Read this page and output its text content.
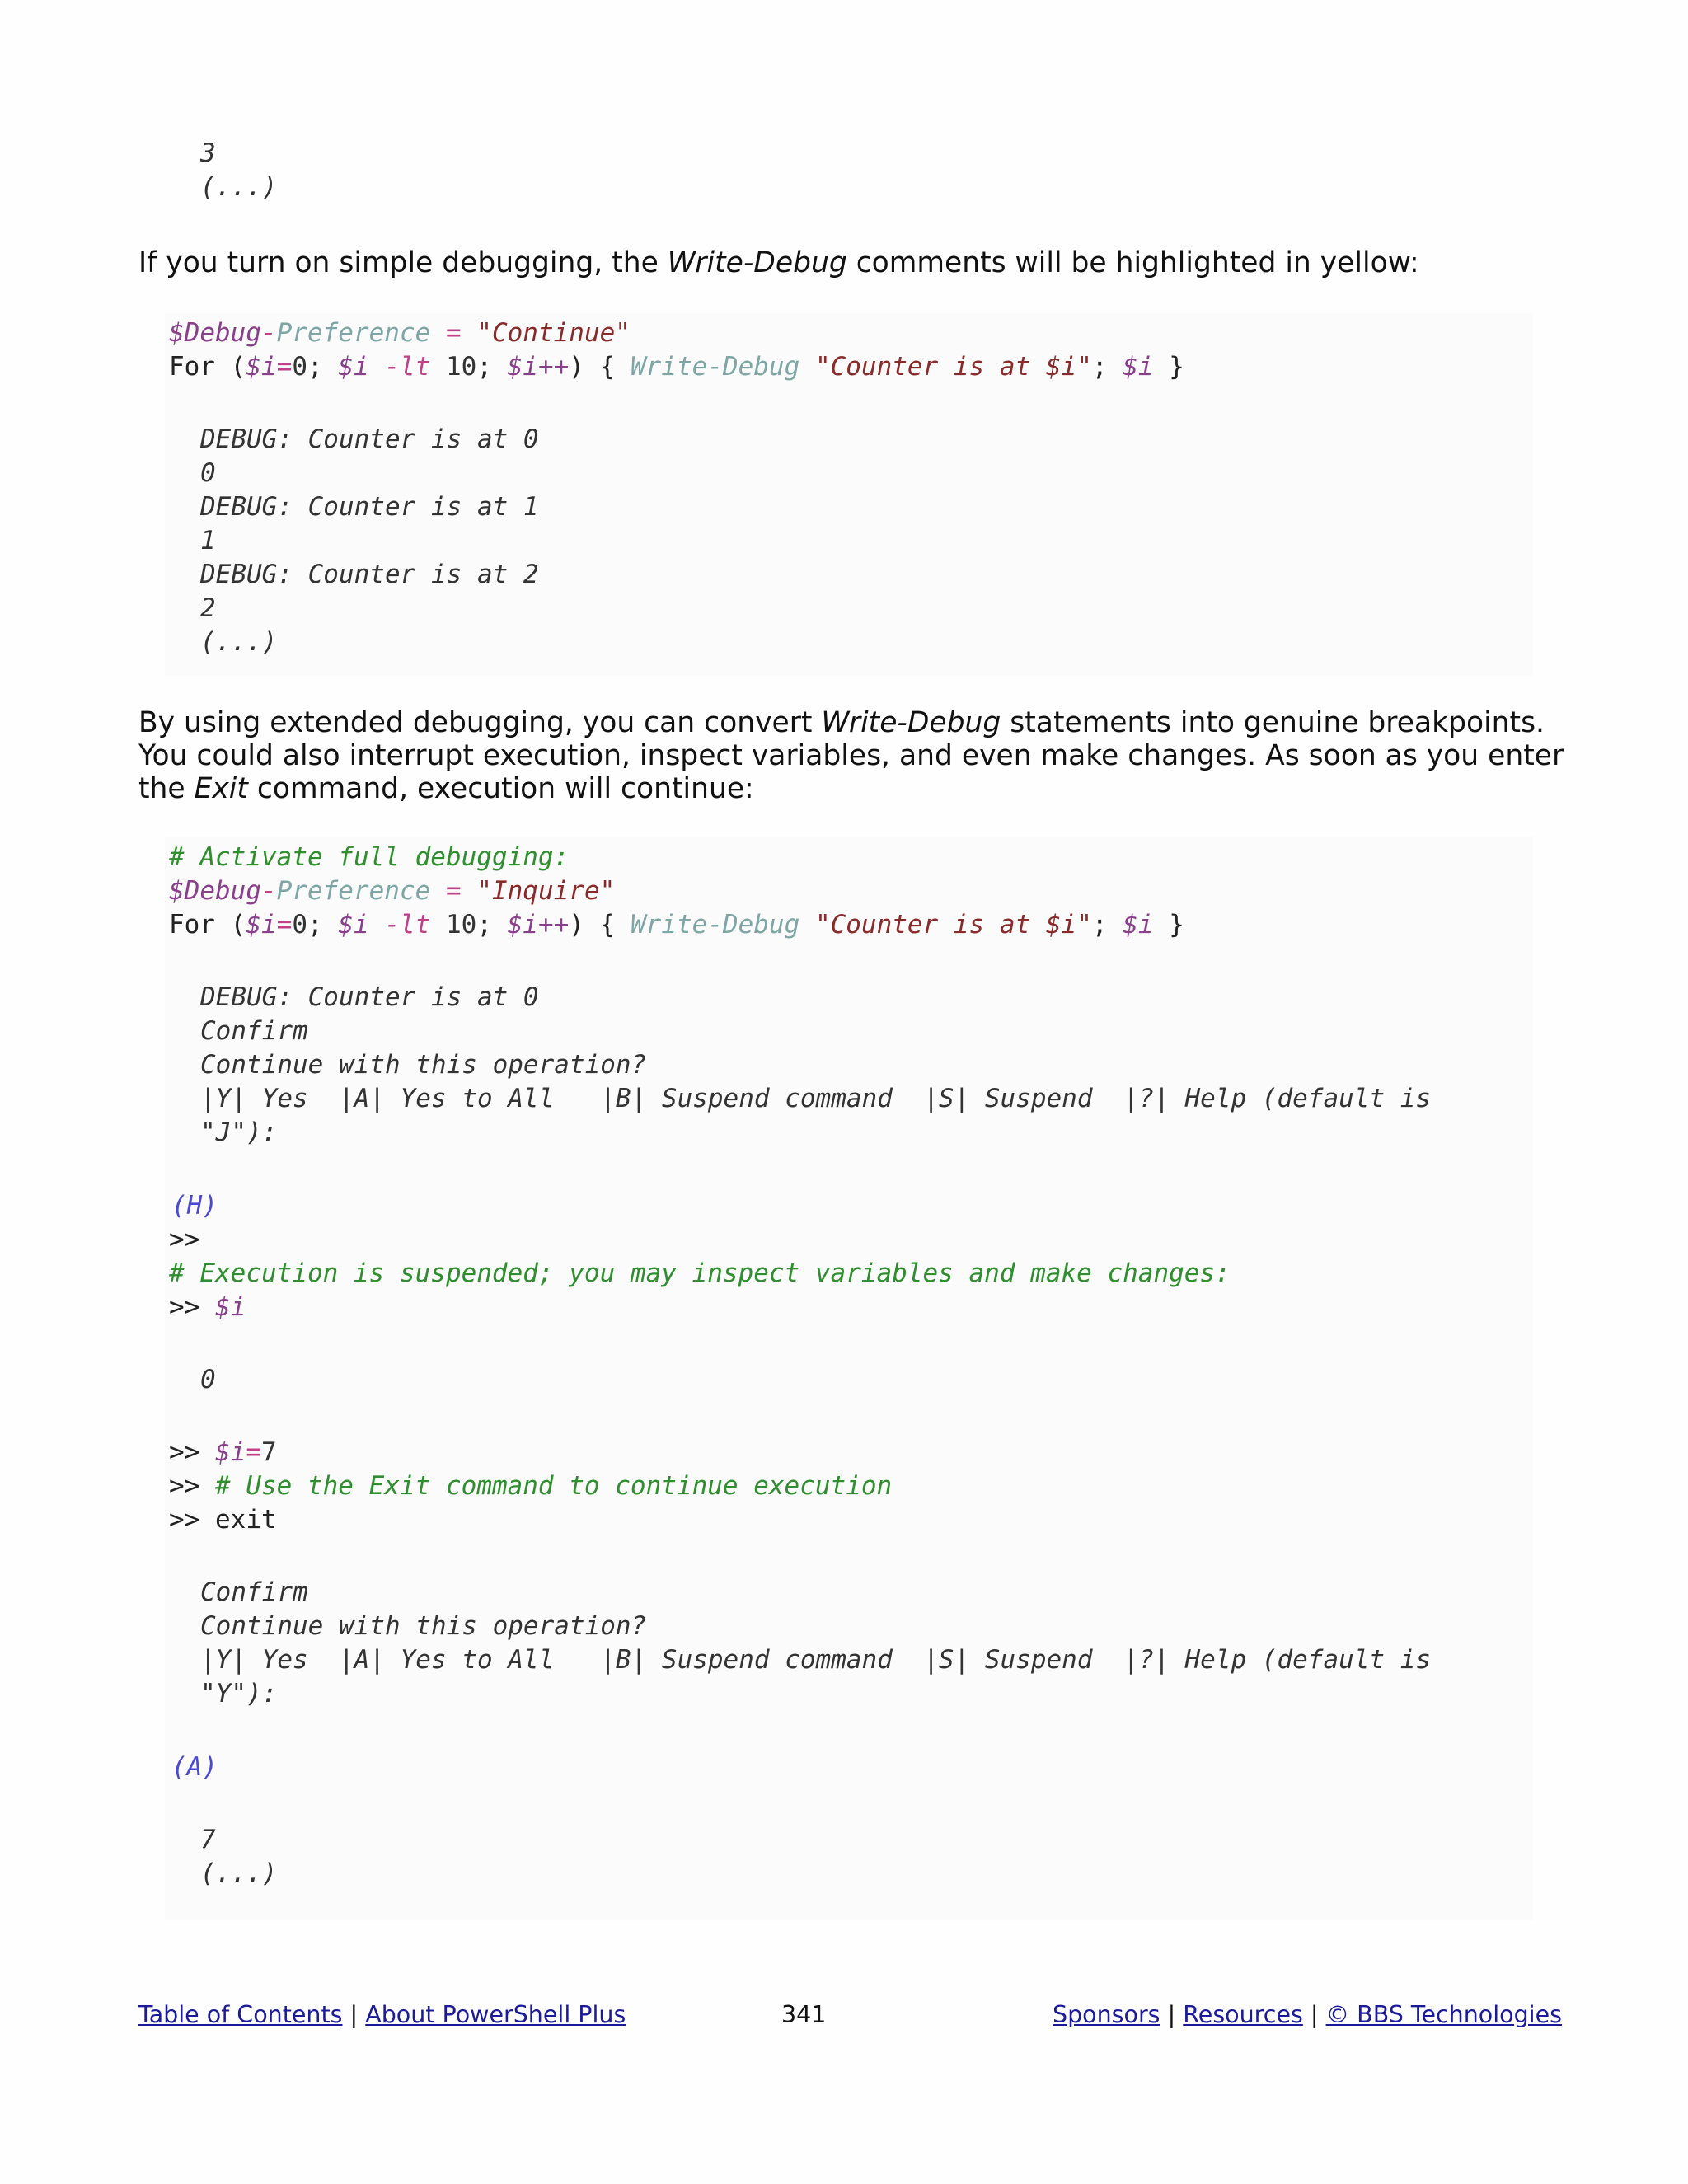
3
(...)
If you turn on simple debugging, the Write-Debug comments will be highlighted in yellow:
$Debug-Preference = "Continue"
For ($i=0; $i -lt 10; $i++) { Write-Debug "Counter is at $i"; $i }
DEBUG: Counter is at 0
0
DEBUG: Counter is at 1
1
DEBUG: Counter is at 2
2
(...)
By using extended debugging, you can convert Write-Debug statements into genuine breakpoints.
You could also interrupt execution, inspect variables, and even make changes. As soon as you enter
the Exit command, execution will continue:
# Activate full debugging:
$Debug-Preference = "Inquire"
For ($i=0; $i -lt 10; $i++) { Write-Debug "Counter is at $i"; $i }
DEBUG: Counter is at 0
Confirm
Continue with this operation?
|Y| Yes  |A| Yes to All   |B| Suspend command  |S| Suspend  |?| Help (default is
"J"):
(H)
>>
# Execution is suspended; you may inspect variables and make changes:
>> $i
0
>> $i=7
>> # Use the Exit command to continue execution
>> exit
Confirm
Continue with this operation?
|Y| Yes  |A| Yes to All   |B| Suspend command  |S| Suspend  |?| Help (default is
"Y"):
(A)
7
(...)
Table of Contents | About PowerShell Plus	341	Sponsors | Resources | © BBS Technologies
